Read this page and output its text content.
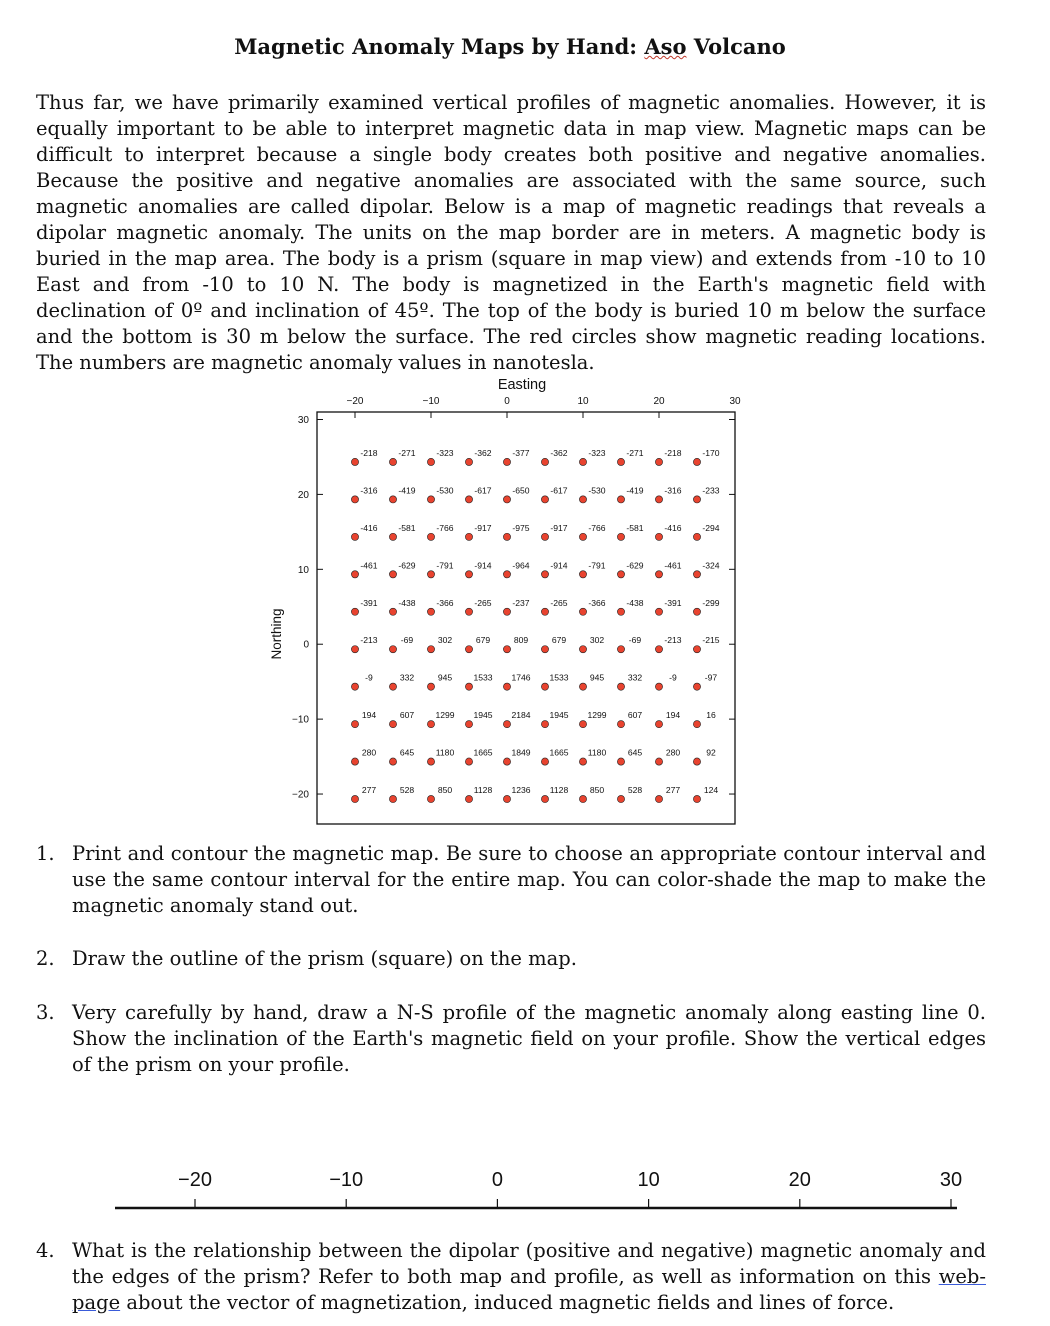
Magnetic Anomaly Maps by Hand: Aso Volcano

Thus far, we have primarily examined vertical profiles of magnetic anomalies. However, it is equally important to be able to interpret magnetic data in map view. Magnetic maps can be difficult to interpret because a single body creates both positive and negative anomalies. Because the positive and negative anomalies are associated with the same source, such magnetic anomalies are called dipolar. Below is a map of magnetic readings that reveals a dipolar magnetic anomaly. The units on the map border are in meters. A magnetic body is buried in the map area. The body is a prism (square in map view) and extends from -10 to 10 East and from -10 to 10 N. The body is magnetized in the Earth's magnetic field with declination of 0º and inclination of 45º. The top of the body is buried 10 m below the surface and the bottom is 30 m below the surface. The red circles show magnetic reading locations. The numbers are magnetic anomaly values in nanotesla.

Easting
Northing
−20	−10	0	10	20	30
30
20
10
0
−10
−20
-218 -271 -323 -362 -377 -362 -323 -271 -218 -170
-316 -419 -530 -617 -650 -617 -530 -419 -316 -233
-416 -581 -766 -917 -975 -917 -766 -581 -416 -294
-461 -629 -791 -914 -964 -914 -791 -629 -461 -324
-391 -438 -366 -265 -237 -265 -366 -438 -391 -299
-213	-69	302	679	809	679	302	-69	-213 -215
-9	332	945 1533 1746 1533 945	332	-9	-97
194	607 1299 1945 2184 1945 1299 607	194	16
280	645	1180 1665 1849 1665 1180	645	280	92
277	528	850	1128 1236 1128	850	528	277	124
1. Print and contour the magnetic map. Be sure to choose an appropriate contour interval and use the same contour interval for the entire map. You can color-shade the map to make the magnetic anomaly stand out.
2. Draw the outline of the prism (square) on the map.
3. Very carefully by hand, draw a N-S profile of the magnetic anomaly along easting line 0. Show the inclination of the Earth's magnetic field on your profile. Show the vertical edges of the prism on your profile.
−20	−10	0	10	20	30
4. What is the relationship between the dipolar (positive and negative) magnetic anomaly and the edges of the prism? Refer to both map and profile, as well as information on this web-page about the vector of magnetization, induced magnetic fields and lines of force.
